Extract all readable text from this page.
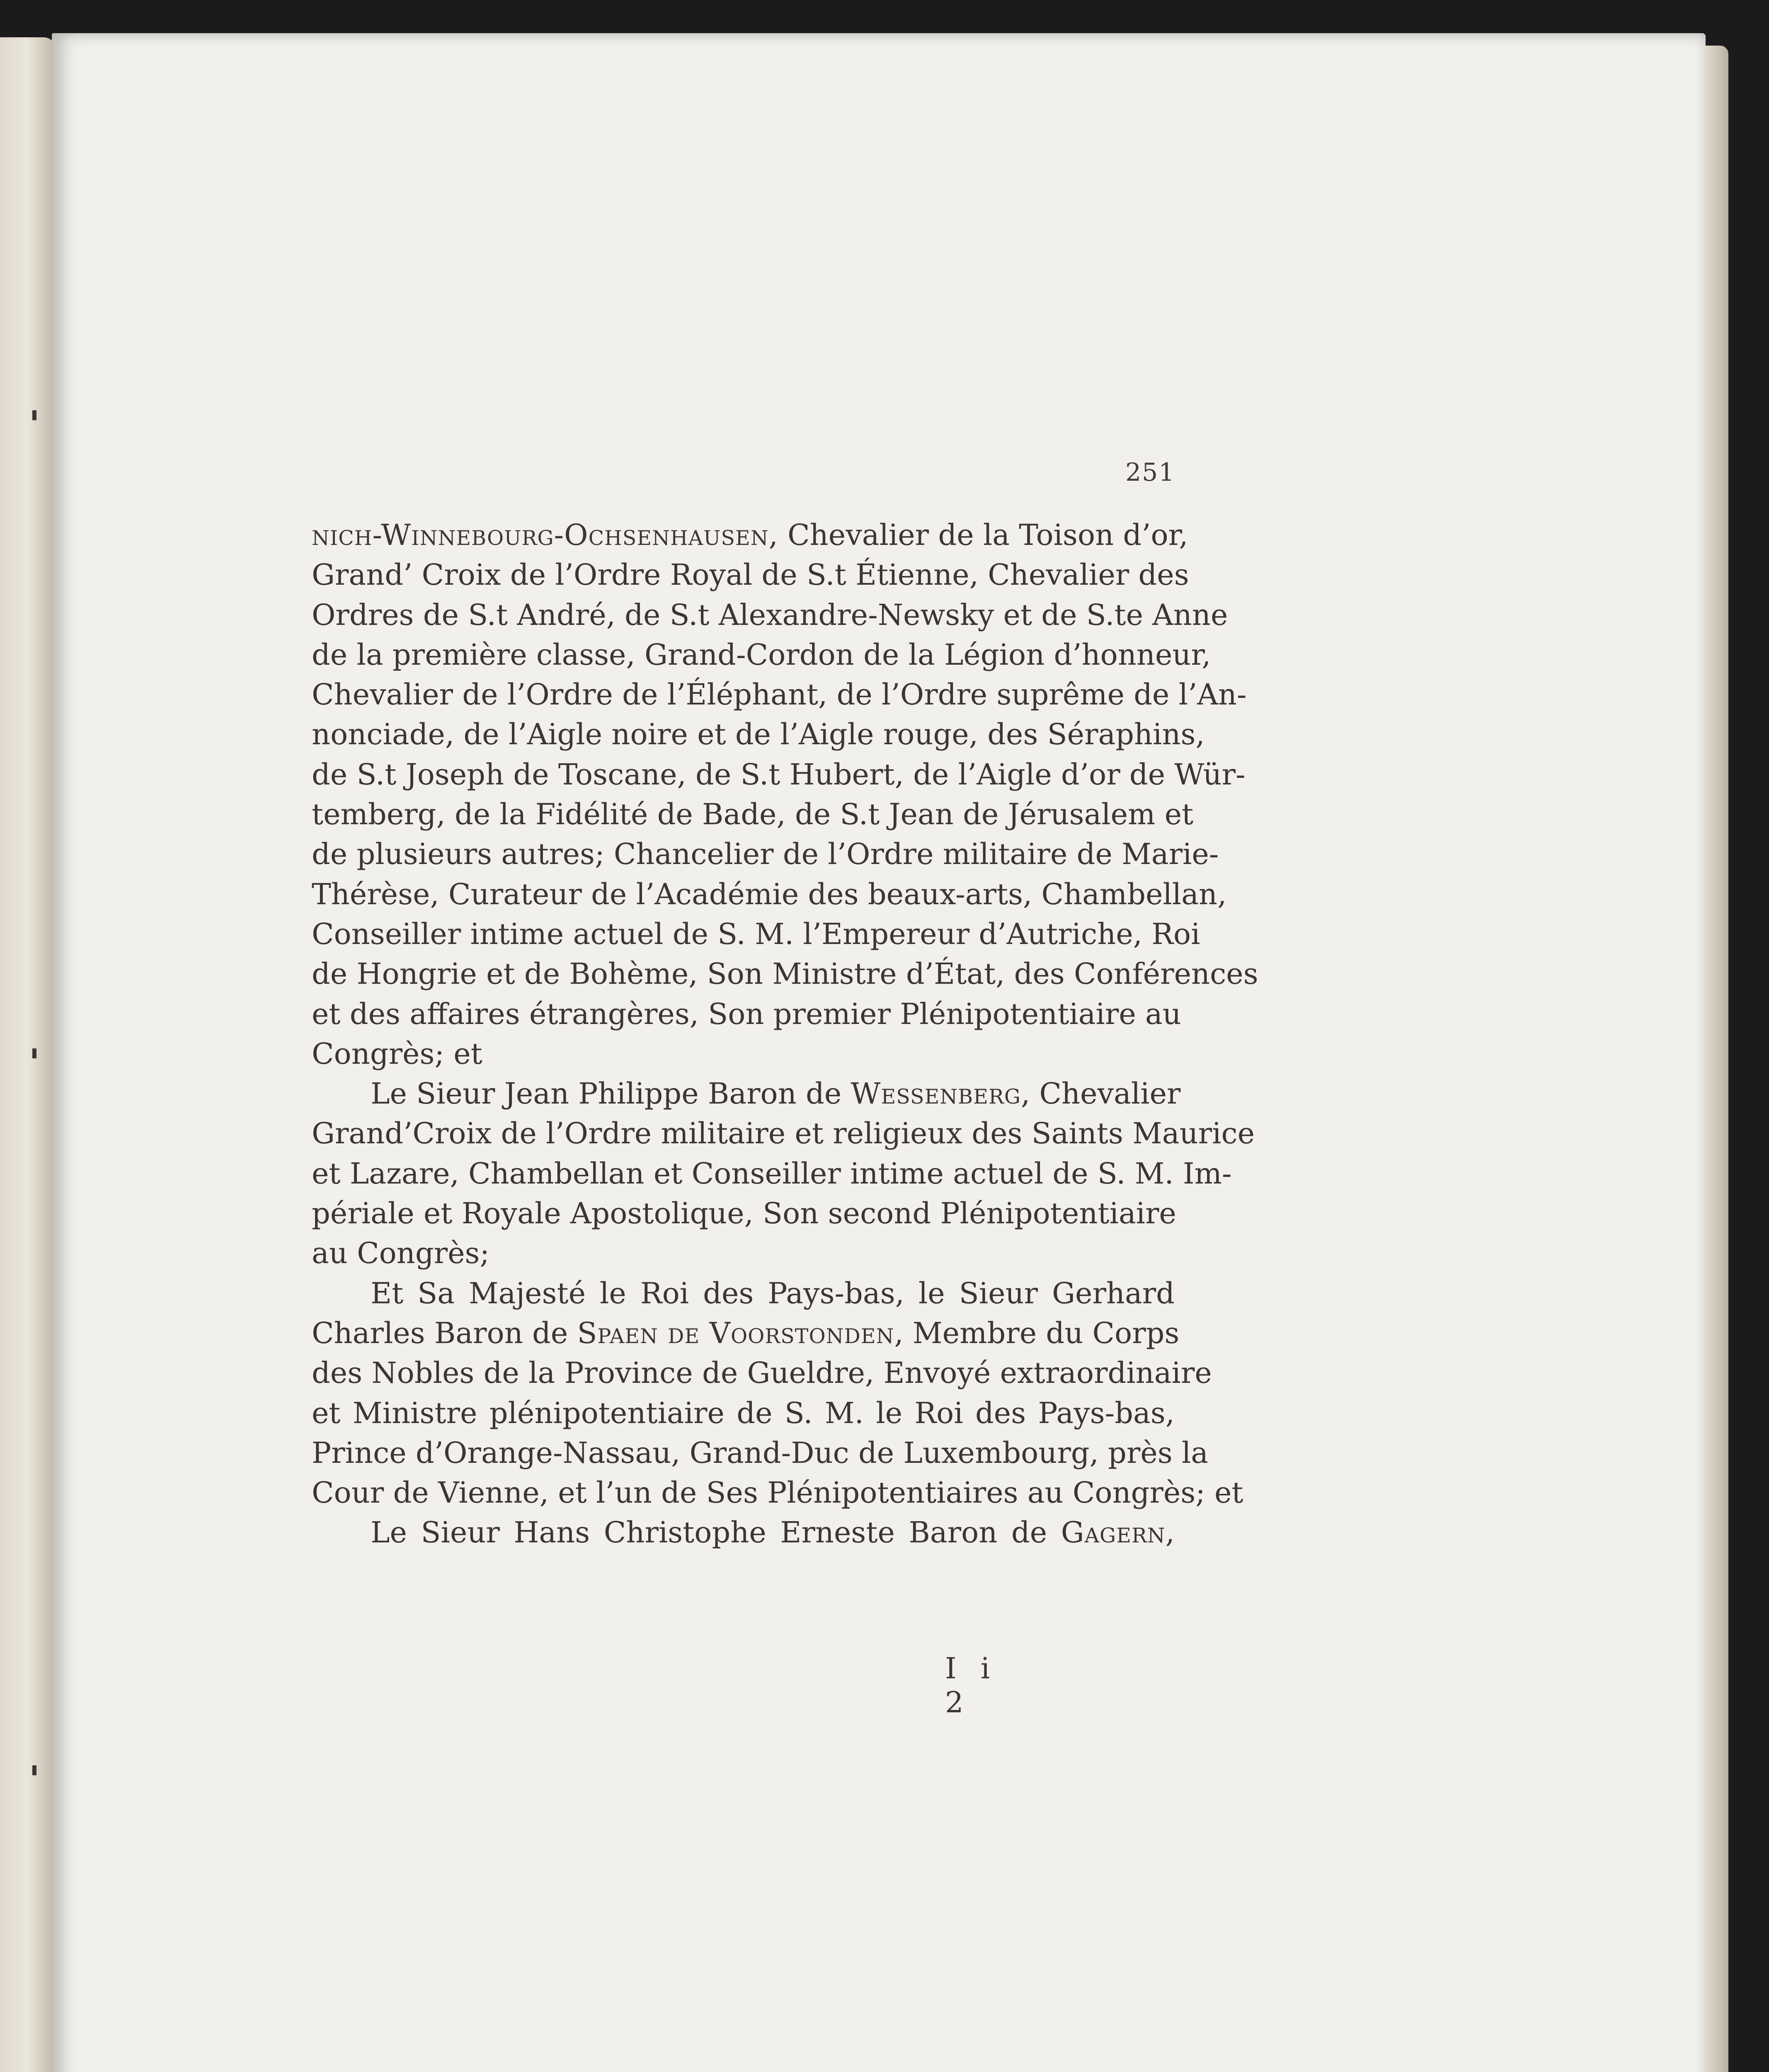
251
nich-Winnebourg-Ochsenhausen, Chevalier de la Toison d’or,
Grand’ Croix de l’Ordre Royal de S.t Étienne, Chevalier des
Ordres de S.t André, de S.t Alexandre-Newsky et de S.te Anne
de la première classe, Grand-Cordon de la Légion d’honneur,
Chevalier de l’Ordre de l’Éléphant, de l’Ordre suprême de l’An-
nonciade, de l’Aigle noire et de l’Aigle rouge, des Séraphins,
de S.t Joseph de Toscane, de S.t Hubert, de l’Aigle d’or de Wür-
temberg, de la Fidélité de Bade, de S.t Jean de Jérusalem et
de plusieurs autres; Chancelier de l’Ordre militaire de Marie-
Thérèse, Curateur de l’Académie des beaux-arts, Chambellan,
Conseiller intime actuel de S. M. l’Empereur d’Autriche, Roi
de Hongrie et de Bohème, Son Ministre d’État, des Conférences
et des affaires étrangères, Son premier Plénipotentiaire au
Congrès; et
Le Sieur Jean Philippe Baron de Wessenberg, Chevalier
Grand’Croix de l’Ordre militaire et religieux des Saints Maurice
et Lazare, Chambellan et Conseiller intime actuel de S. M. Im-
périale et Royale Apostolique, Son second Plénipotentiaire
au Congrès;
Et Sa Majesté le Roi des Pays-bas, le Sieur Gerhard
Charles Baron de Spaen de Voorstonden, Membre du Corps
des Nobles de la Province de Gueldre, Envoyé extraordinaire
et Ministre plénipotentiaire de S. M. le Roi des Pays-bas,
Prince d’Orange-Nassau, Grand-Duc de Luxembourg, près la
Cour de Vienne, et l’un de Ses Plénipotentiaires au Congrès; et
Le Sieur Hans Christophe Erneste Baron de Gagern,
I i 2
